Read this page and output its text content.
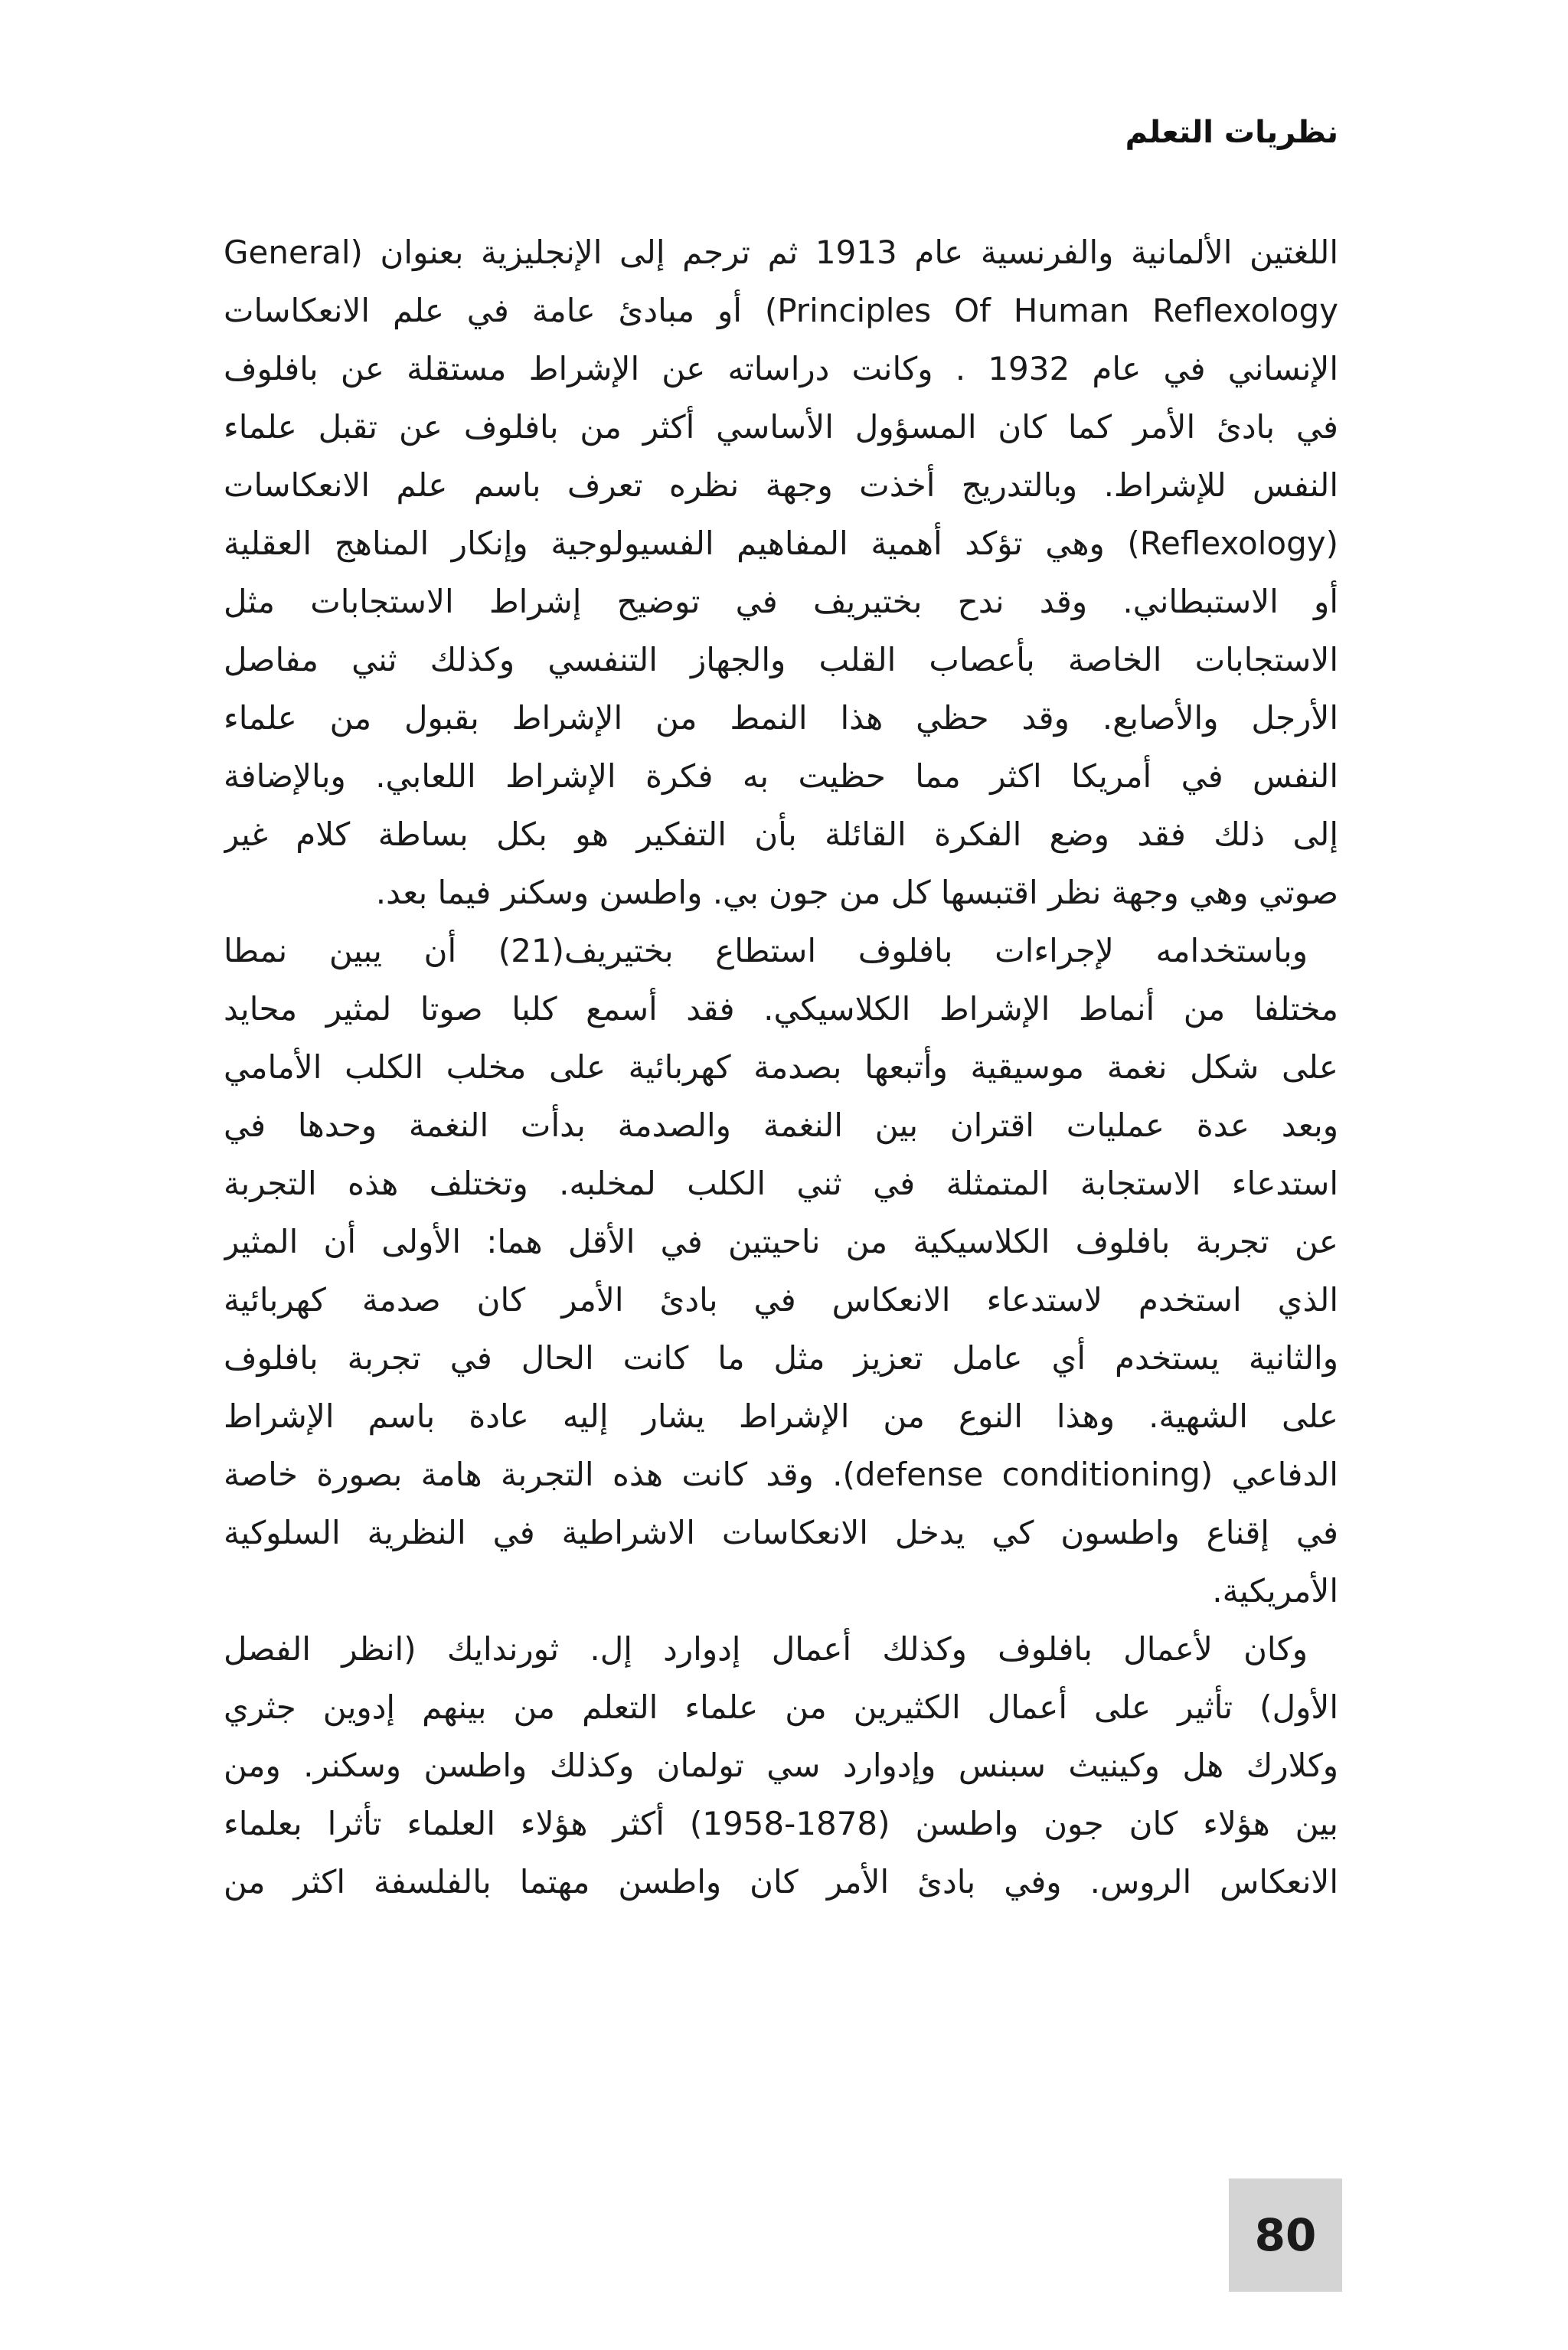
نظريات التعلم
اللغتين الألمانية والفرنسية عام 1913 ثم ترجم إلى الإنجليزية بعنوان (General
Principles Of Human Reflexology) أو مبادئ عامة في علم الانعكاسات
الإنساني في عام 1932 . وكانت دراساته عن الإشراط مستقلة عن بافلوف
في بادئ الأمر كما كان المسؤول الأساسي أكثر من بافلوف عن تقبل علماء
النفس للإشراط. وبالتدريج أخذت وجهة نظره تعرف باسم علم الانعكاسات
(Reflexology) وهي تؤكد أهمية المفاهيم الفسيولوجية وإنكار المناهج العقلية
أو الاستبطاني. وقد ندح بختيريف في توضيح إشراط الاستجابات مثل
الاستجابات الخاصة بأعصاب القلب والجهاز التنفسي وكذلك ثني مفاصل
الأرجل والأصابع. وقد حظي هذا النمط من الإشراط بقبول من علماء
النفس في أمريكا اكثر مما حظيت به فكرة الإشراط اللعابي. وبالإضافة
إلى ذلك فقد وضع الفكرة القائلة بأن التفكير هو بكل بساطة كلام غير
صوتي وهي وجهة نظر اقتبسها كل من جون بي. واطسن وسكنر فيما بعد.
وباستخدامه لإجراءات بافلوف استطاع بختيريف(21) أن يبين نمطا
مختلفا من أنماط الإشراط الكلاسيكي. فقد أسمع كلبا صوتا لمثير محايد
على شكل نغمة موسيقية وأتبعها بصدمة كهربائية على مخلب الكلب الأمامي
وبعد عدة عمليات اقتران بين النغمة والصدمة بدأت النغمة وحدها في
استدعاء الاستجابة المتمثلة في ثني الكلب لمخلبه. وتختلف هذه التجربة
عن تجربة بافلوف الكلاسيكية من ناحيتين في الأقل هما: الأولى أن المثير
الذي استخدم لاستدعاء الانعكاس في بادئ الأمر كان صدمة كهربائية
والثانية يستخدم أي عامل تعزيز مثل ما كانت الحال في تجربة بافلوف
على الشهية. وهذا النوع من الإشراط يشار إليه عادة باسم الإشراط
الدفاعي (defense conditioning). وقد كانت هذه التجربة هامة بصورة خاصة
في إقناع واطسون كي يدخل الانعكاسات الاشراطية في النظرية السلوكية
الأمريكية.
وكان لأعمال بافلوف وكذلك أعمال إدوارد إل. ثورندايك (انظر الفصل
الأول) تأثير على أعمال الكثيرين من علماء التعلم من بينهم إدوين جثري
وكلارك هل وكينيث سبنس وإدوارد سي تولمان وكذلك واطسن وسكنر. ومن
بين هؤلاء كان جون واطسن (1878-1958) أكثر هؤلاء العلماء تأثرا بعلماء
الانعكاس الروس. وفي بادئ الأمر كان واطسن مهتما بالفلسفة اكثر من
80
